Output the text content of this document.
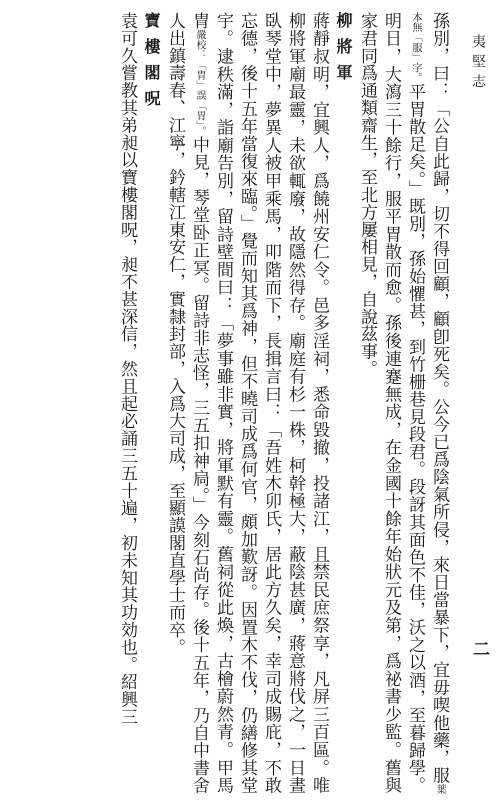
夷堅志
二

孫別，曰：「公自此歸，切不得回顧，顧卽死矣。公今已爲陰氣所侵，來日當暴下，宜毋喫他藥，服葉本無「服」字。平胃散足矣。」既別，孫始懼甚，到竹栅巷見段君。段訝其面色不佳，沃之以酒，至暮歸學。明日，大瀉三十餘行，服平胃散而愈。孫後連蹇無成，在金國十餘年始狀元及第，爲祕書少監。舊與家君同爲通類齋生，至北方屢相見，自說茲事。

柳將軍

蔣靜叔明，宜興人，爲饒州安仁令。邑多淫祠，悉命毀撤，投諸江，且禁民庶祭享，凡屏三百區。唯柳將軍廟最靈，未欲輒廢，故隱然得存。廟庭有杉一株，柯幹極大，蔽陰甚廣，蔣意將伐之，一日晝臥琴堂中，夢異人被甲乘馬，叩階而下，長揖言曰：「吾姓木卯氏，居此方久矣，幸司成賜庇，不敢忘德，後十五年當復來臨。」覺而知其爲神，但不曉司成爲何官，頗加歎訝。因置木不伐，仍繕修其堂宇。逮秩滿，詣廟告別，留詩壁間曰：「夢事雖非實，將軍默有靈。舊祠從此煥，古檜蔚然青。甲馬胄嚴校：「胄」誤「胃」。中見，琴堂卧正冥。留詩非志怪，三五扣神扃。」今刻石尚存。後十五年，乃自中書舍人出鎮壽春、江寧，鈐轄江東安仁，實隸封部，入爲大司成，至顯謨閣直學士而卒。

寶樓閣呪

袁可久嘗教其弟昶以寶樓閣呪，昶不甚深信，然且起必誦三五十遍，初未知其功効也。紹興三
